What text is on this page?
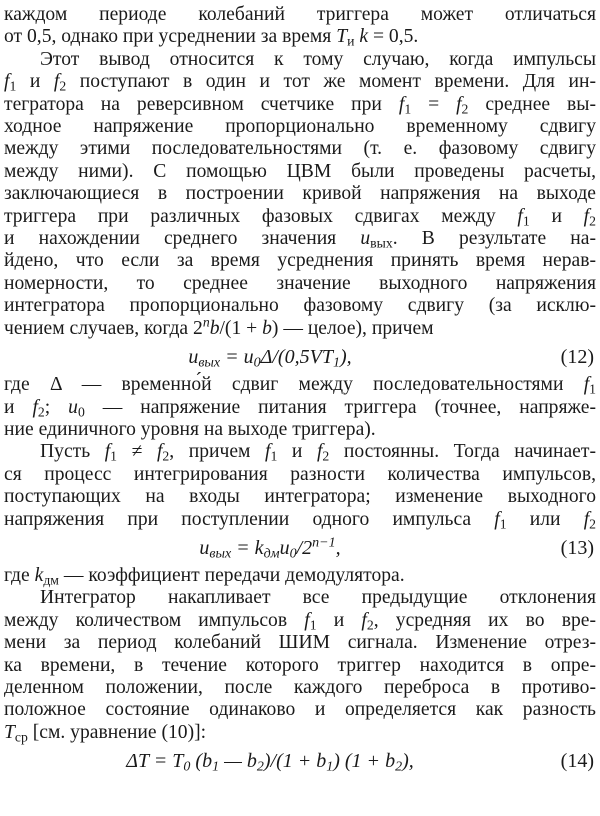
каждом периоде колебаний триггера может отличаться

от 0,5, однако при усреднении за время $T_и$ k = 0,5.

Этот вывод относится к тому случаю, когда импульсы

$f_1$ и $f_2$ поступают в один и тот же момент времени. Для ин-

тегратора на реверсивном счетчике при $f_1 = f_2$ среднее вы-

ходное напряжение пропорционально временному сдвигу

между этими последовательностями (т. е. фазовому сдвигу

между ними). С помощью ЦВМ были проведены расчеты,

заключающиеся в построении кривой напряжения на выходе

триггера при различных фазовых сдвигах между $f_1$ и $f_2$

и нахождении среднего значения $u_{вых}$. В результате на-

йдено, что если за время усреднения принять время нерав-

номерности, то среднее значение выходного напряжения

интегратора пропорционально фазовому сдвигу (за исклю-

чением случаев, когда $2^nb/(1 + b)$ — целое), причем

$u_{вых} = u_0\Delta/(0,5VT_1)$,	(12)

где Δ — временно́й сдвиг между последовательностями $f_1$

и $f_2$; $u_0$ — напряжение питания триггера (точнее, напряже-

ние единичного уровня на выходе триггера).

Пусть $f_1 \ne f_2$, причем $f_1$ и $f_2$ постоянны. Тогда начинает-

ся процесс интегрирования разности количества импульсов,

поступающих на входы интегратора; изменение выходного

напряжения при поступлении одного импульса $f_1$ или $f_2$

$u_{вых} = k_{дм}u_0/2^{n-1}$,	(13)

где $k_{дм}$ — коэффициент передачи демодулятора.

Интегратор накапливает все предыдущие отклонения

между количеством импульсов $f_1$ и $f_2$, усредняя их во вре-

мени за период колебаний ШИМ сигнала. Изменение отрез-

ка времени, в течение которого триггер находится в опре-

деленном положении, после каждого переброса в противо-

положное состояние одинаково и определяется как разность

$T_{ср}$ [см. уравнение (10)]:

$\Delta T = T_0$ ($b_1$ — $b_2)/(1 + b_1)$ $(1 + b_2)$,	(14)
